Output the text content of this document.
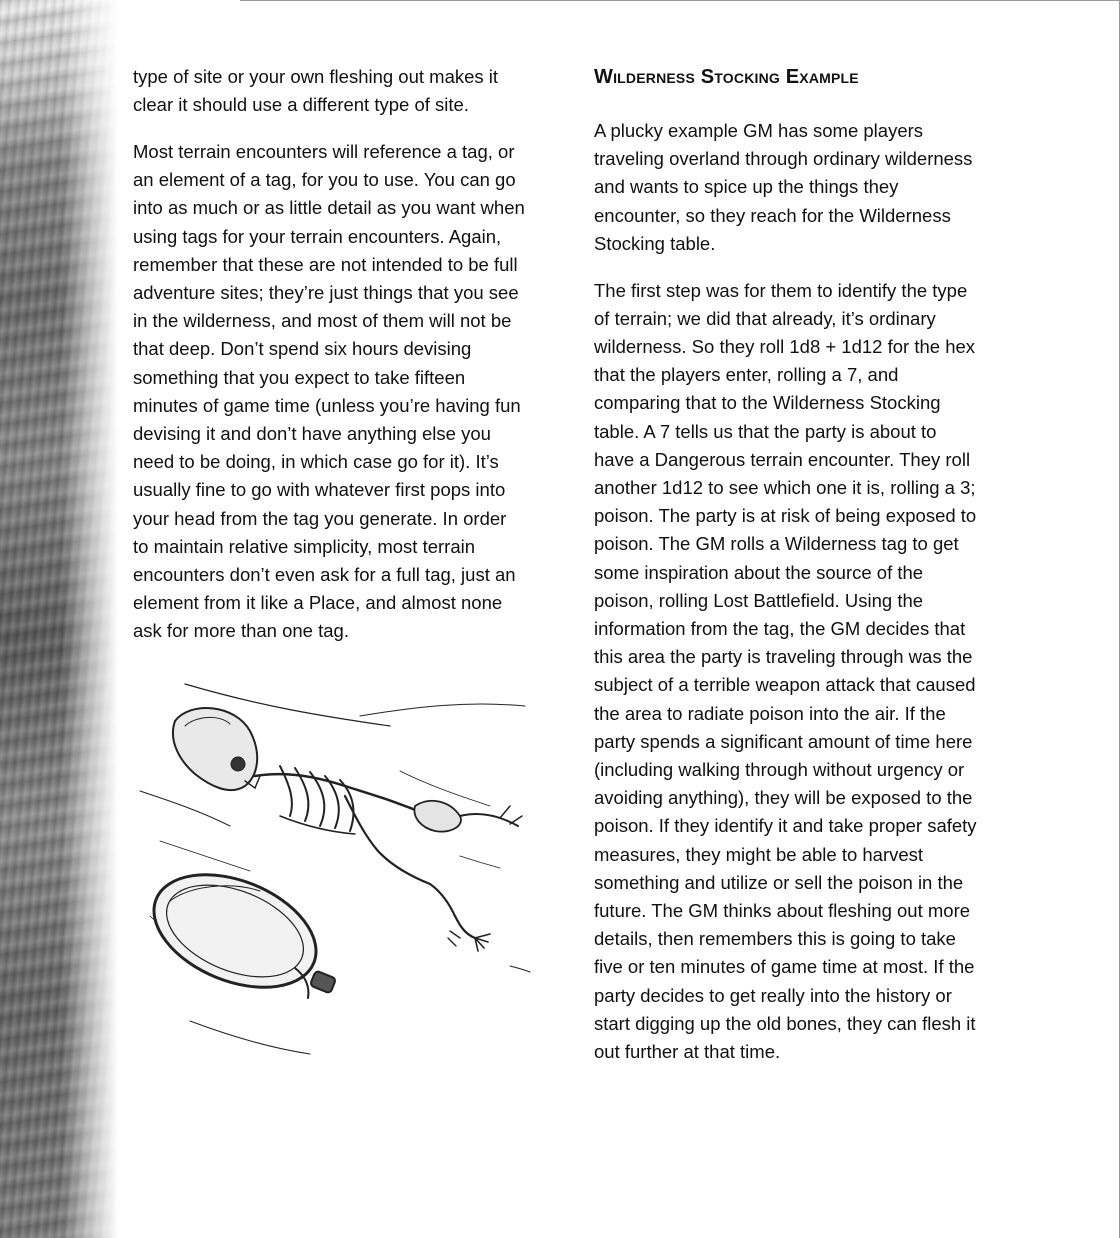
type of site or your own fleshing out makes it
clear it should use a different type of site.

Most terrain encounters will reference a tag, or
an element of a tag, for you to use. You can go
into as much or as little detail as you want when
using tags for your terrain encounters. Again,
remember that these are not intended to be full
adventure sites; they’re just things that you see
in the wilderness, and most of them will not be
that deep. Don’t spend six hours devising
something that you expect to take fifteen
minutes of game time (unless you’re having fun
devising it and don’t have anything else you
need to be doing, in which case go for it). It’s
usually fine to go with whatever first pops into
your head from the tag you generate. In order
to maintain relative simplicity, most terrain
encounters don’t even ask for a full tag, just an
element from it like a Place, and almost none
ask for more than one tag.

Wilderness Stocking Example

A plucky example GM has some players
traveling overland through ordinary wilderness
and wants to spice up the things they
encounter, so they reach for the Wilderness
Stocking table.

The first step was for them to identify the type
of terrain; we did that already, it’s ordinary
wilderness. So they roll 1d8 + 1d12 for the hex
that the players enter, rolling a 7, and
comparing that to the Wilderness Stocking
table. A 7 tells us that the party is about to
have a Dangerous terrain encounter. They roll
another 1d12 to see which one it is, rolling a 3;
poison. The party is at risk of being exposed to
poison. The GM rolls a Wilderness tag to get
some inspiration about the source of the
poison, rolling Lost Battlefield. Using the
information from the tag, the GM decides that
this area the party is traveling through was the
subject of a terrible weapon attack that caused
the area to radiate poison into the air. If the
party spends a significant amount of time here
(including walking through without urgency or
avoiding anything), they will be exposed to the
poison. If they identify it and take proper safety
measures, they might be able to harvest
something and utilize or sell the poison in the
future. The GM thinks about fleshing out more
details, then remembers this is going to take
five or ten minutes of game time at most. If the
party decides to get really into the history or
start digging up the old bones, they can flesh it
out further at that time.
